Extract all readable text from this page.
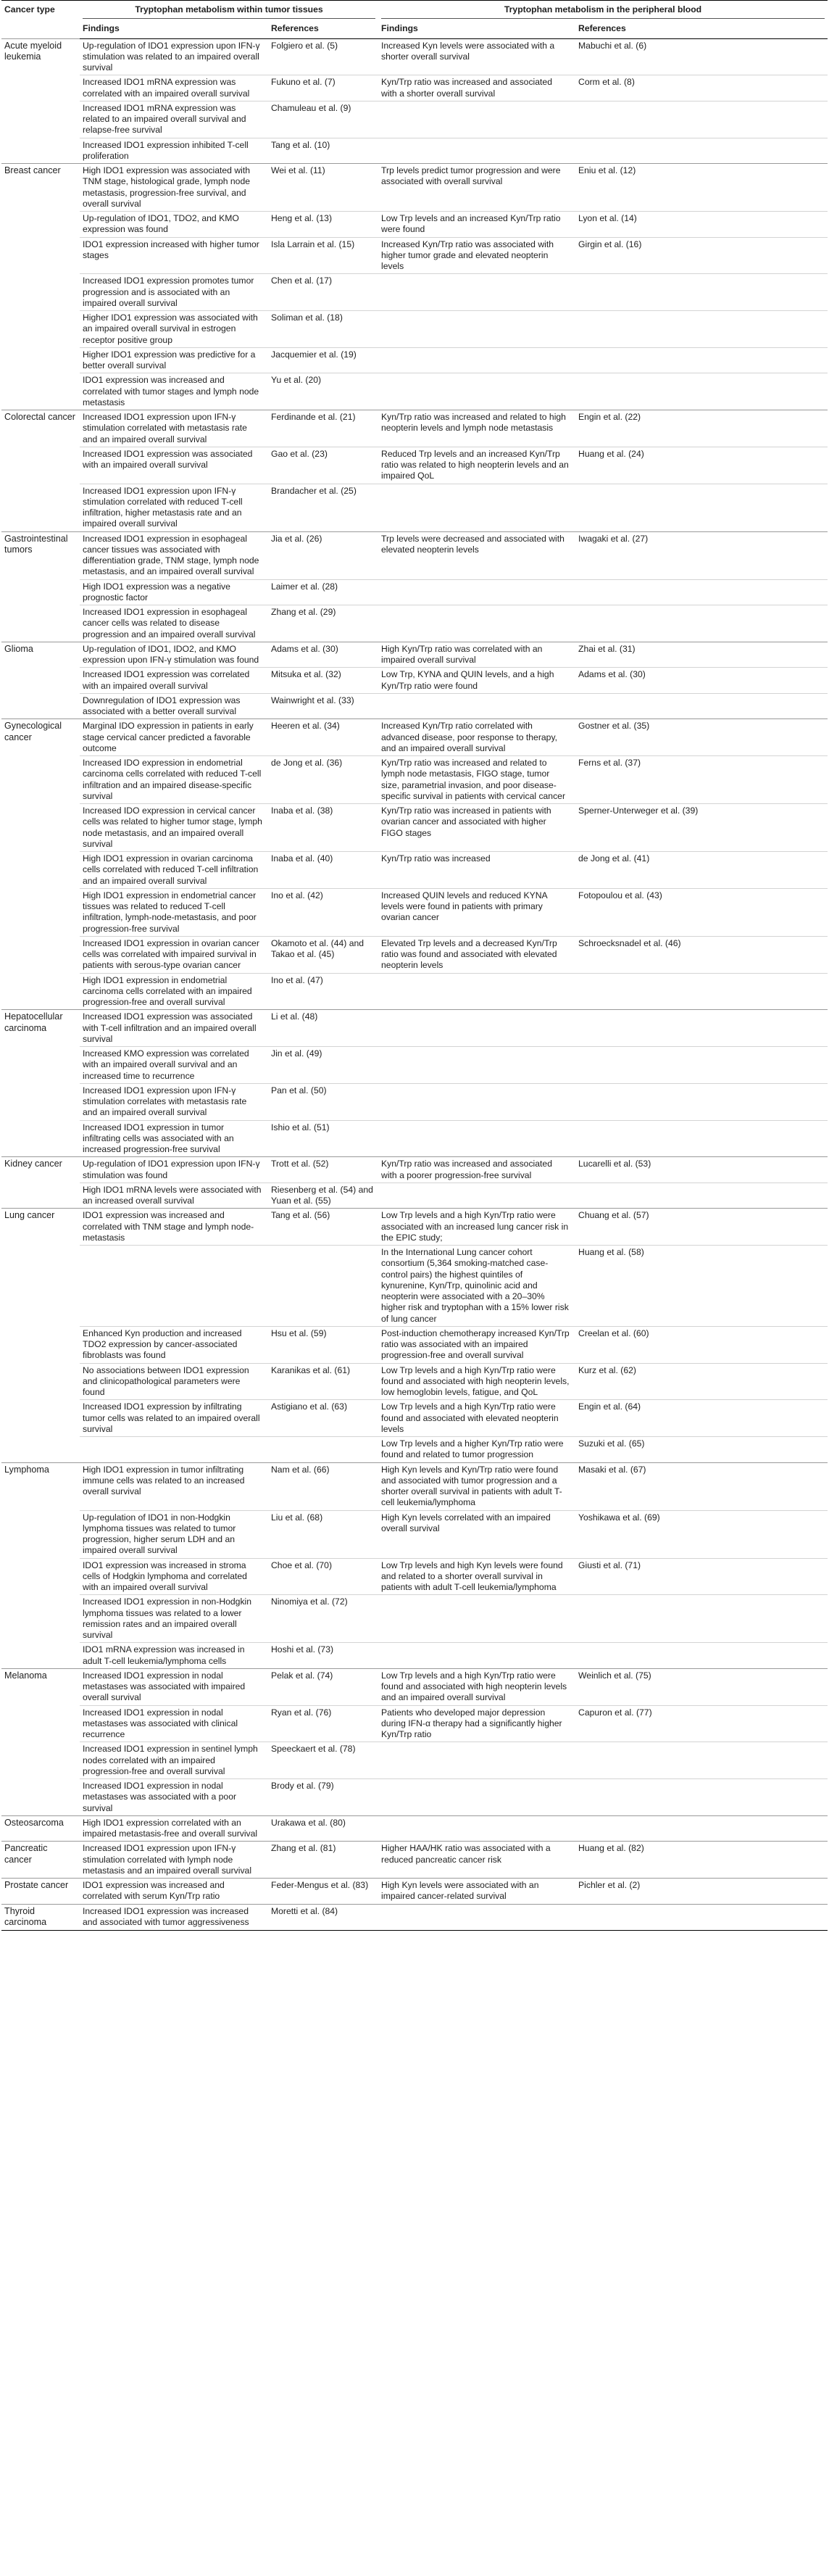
Cancer type	Tryptophan metabolism within tumor tissues		Tryptophan metabolism in the peripheral blood	

	Findings	References	Findings	References
Acute myeloid leukemia	Up-regulation of IDO1 expression upon IFN-γ stimulation was related to an impaired overall survival	Folgiero et al. (5)	Increased Kyn levels were associated with a shorter overall survival	Mabuchi et al. (6)
	Increased IDO1 mRNA expression was correlated with an impaired overall survival	Fukuno et al. (7)	Kyn/Trp ratio was increased and associated with a shorter overall survival	Corm et al. (8)
	Increased IDO1 mRNA expression was related to an impaired overall survival and relapse-free survival	Chamuleau et al. (9)		
	Increased IDO1 expression inhibited T-cell proliferation	Tang et al. (10)		
Breast cancer	High IDO1 expression was associated with TNM stage, histological grade, lymph node metastasis, progression-free survival, and overall survival	Wei et al. (11)	Trp levels predict tumor progression and were associated with overall survival	Eniu et al. (12)
	Up-regulation of IDO1, TDO2, and KMO expression was found	Heng et al. (13)	Low Trp levels and an increased Kyn/Trp ratio were found	Lyon et al. (14)
	IDO1 expression increased with higher tumor stages	Isla Larrain et al. (15)	Increased Kyn/Trp ratio was associated with higher tumor grade and elevated neopterin levels	Girgin et al. (16)
	Increased IDO1 expression promotes tumor progression and is associated with an impaired overall survival	Chen et al. (17)		
	Higher IDO1 expression was associated with an impaired overall survival in estrogen receptor positive group	Soliman et al. (18)		
	Higher IDO1 expression was predictive for a better overall survival	Jacquemier et al. (19)		
	IDO1 expression was increased and correlated with tumor stages and lymph node metastasis	Yu et al. (20)		
Colorectal cancer	Increased IDO1 expression upon IFN-γ stimulation correlated with metastasis rate and an impaired overall survival	Ferdinande et al. (21)	Kyn/Trp ratio was increased and related to high neopterin levels and lymph node metastasis	Engin et al. (22)
	Increased IDO1 expression was associated with an impaired overall survival	Gao et al. (23)	Reduced Trp levels and an increased Kyn/Trp ratio was related to high neopterin levels and an impaired QoL	Huang et al. (24)
	Increased IDO1 expression upon IFN-γ stimulation correlated with reduced T-cell infiltration, higher metastasis rate and an impaired overall survival	Brandacher et al. (25)		
Gastrointestinal tumors	Increased IDO1 expression in esophageal cancer tissues was associated with differentiation grade, TNM stage, lymph node metastasis, and an impaired overall survival	Jia et al. (26)	Trp levels were decreased and associated with elevated neopterin levels	Iwagaki et al. (27)
	High IDO1 expression was a negative prognostic factor	Laimer et al. (28)		
	Increased IDO1 expression in esophageal cancer cells was related to disease progression and an impaired overall survival	Zhang et al. (29)		
Glioma	Up-regulation of IDO1, IDO2, and KMO expression upon IFN-γ stimulation was found	Adams et al. (30)	High Kyn/Trp ratio was correlated with an impaired overall survival	Zhai et al. (31)
	Increased IDO1 expression was correlated with an impaired overall survival	Mitsuka et al. (32)	Low Trp, KYNA and QUIN levels, and a high Kyn/Trp ratio were found	Adams et al. (30)
	Downregulation of IDO1 expression was associated with a better overall survival	Wainwright et al. (33)		
Gynecological cancer	Marginal IDO expression in patients in early stage cervical cancer predicted a favorable outcome	Heeren et al. (34)	Increased Kyn/Trp ratio correlated with advanced disease, poor response to therapy, and an impaired overall survival	Gostner et al. (35)
	Increased IDO expression in endometrial carcinoma cells correlated with reduced T-cell infiltration and an impaired disease-specific survival	de Jong et al. (36)	Kyn/Trp ratio was increased and related to lymph node metastasis, FIGO stage, tumor size, parametrial invasion, and poor disease-specific survival in patients with cervical cancer	Ferns et al. (37)
	Increased IDO expression in cervical cancer cells was related to higher tumor stage, lymph node metastasis, and an impaired overall survival	Inaba et al. (38)	Kyn/Trp ratio was increased in patients with ovarian cancer and associated with higher FIGO stages	Sperner-Unterweger et al. (39)
	High IDO1 expression in ovarian carcinoma cells correlated with reduced T-cell infiltration and an impaired overall survival	Inaba et al. (40)	Kyn/Trp ratio was increased	de Jong et al. (41)
	High IDO1 expression in endometrial cancer tissues was related to reduced T-cell infiltration, lymph-node-metastasis, and poor progression-free survival	Ino et al. (42)	Increased QUIN levels and reduced KYNA levels were found in patients with primary ovarian cancer	Fotopoulou et al. (43)
	Increased IDO1 expression in ovarian cancer cells was correlated with impaired survival in patients with serous-type ovarian cancer	Okamoto et al. (44) and Takao et al. (45)	Elevated Trp levels and a decreased Kyn/Trp ratio was found and associated with elevated neopterin levels	Schroecksnadel et al. (46)
	High IDO1 expression in endometrial carcinoma cells correlated with an impaired progression-free and overall survival	Ino et al. (47)		
Hepatocellular carcinoma	Increased IDO1 expression was associated with T-cell infiltration and an impaired overall survival	Li et al. (48)		
	Increased KMO expression was correlated with an impaired overall survival and an increased time to recurrence	Jin et al. (49)		
	Increased IDO1 expression upon IFN-γ stimulation correlates with metastasis rate and an impaired overall survival	Pan et al. (50)		
	Increased IDO1 expression in tumor infiltrating cells was associated with an increased progression-free survival	Ishio et al. (51)		
Kidney cancer	Up-regulation of IDO1 expression upon IFN-γ stimulation was found	Trott et al. (52)	Kyn/Trp ratio was increased and associated with a poorer progression-free survival	Lucarelli et al. (53)
	High IDO1 mRNA levels were associated with an increased overall survival	Riesenberg et al. (54) and Yuan et al. (55)		
Lung cancer	IDO1 expression was increased and correlated with TNM stage and lymph node-metastasis	Tang et al. (56)	Low Trp levels and a high Kyn/Trp ratio were associated with an increased lung cancer risk in the EPIC study;	Chuang et al. (57)
			In the International Lung cancer cohort consortium (5,364 smoking-matched case-control pairs) the highest quintiles of kynurenine, Kyn/Trp, quinolinic acid and neopterin were associated with a 20–30% higher risk and tryptophan with a 15% lower risk of lung cancer	Huang et al. (58)
	Enhanced Kyn production and increased TDO2 expression by cancer-associated fibroblasts was found	Hsu et al. (59)	Post-induction chemotherapy increased Kyn/Trp ratio was associated with an impaired progression-free and overall survival	Creelan et al. (60)
	No associations between IDO1 expression and clinicopathological parameters were found	Karanikas et al. (61)	Low Trp levels and a high Kyn/Trp ratio were found and associated with high neopterin levels, low hemoglobin levels, fatigue, and QoL	Kurz et al. (62)
	Increased IDO1 expression by infiltrating tumor cells was related to an impaired overall survival	Astigiano et al. (63)	Low Trp levels and a high Kyn/Trp ratio were found and associated with elevated neopterin levels	Engin et al. (64)
			Low Trp levels and a higher Kyn/Trp ratio were found and related to tumor progression	Suzuki et al. (65)
Lymphoma	High IDO1 expression in tumor infiltrating immune cells was related to an increased overall survival	Nam et al. (66)	High Kyn levels and Kyn/Trp ratio were found and associated with tumor progression and a shorter overall survival in patients with adult T-cell leukemia/lymphoma	Masaki et al. (67)
	Up-regulation of IDO1 in non-Hodgkin lymphoma tissues was related to tumor progression, higher serum LDH and an impaired overall survival	Liu et al. (68)	High Kyn levels correlated with an impaired overall survival	Yoshikawa et al. (69)
	IDO1 expression was increased in stroma cells of Hodgkin lymphoma and correlated with an impaired overall survival	Choe et al. (70)	Low Trp levels and high Kyn levels were found and related to a shorter overall survival in patients with adult T-cell leukemia/lymphoma	Giusti et al. (71)
	Increased IDO1 expression in non-Hodgkin lymphoma tissues was related to a lower remission rates and an impaired overall survival	Ninomiya et al. (72)		
	IDO1 mRNA expression was increased in adult T-cell leukemia/lymphoma cells	Hoshi et al. (73)		
Melanoma	Increased IDO1 expression in nodal metastases was associated with impaired overall survival	Pelak et al. (74)	Low Trp levels and a high Kyn/Trp ratio were found and associated with high neopterin levels and an impaired overall survival	Weinlich et al. (75)
	Increased IDO1 expression in nodal metastases was associated with clinical recurrence	Ryan et al. (76)	Patients who developed major depression during IFN-α therapy had a significantly higher Kyn/Trp ratio	Capuron et al. (77)
	Increased IDO1 expression in sentinel lymph nodes correlated with an impaired progression-free and overall survival	Speeckaert et al. (78)		
	Increased IDO1 expression in nodal metastases was associated with a poor survival	Brody et al. (79)		
Osteosarcoma	High IDO1 expression correlated with an impaired metastasis-free and overall survival	Urakawa et al. (80)		
Pancreatic cancer	Increased IDO1 expression upon IFN-γ stimulation correlated with lymph node metastasis and an impaired overall survival	Zhang et al. (81)	Higher HAA/HK ratio was associated with a reduced pancreatic cancer risk	Huang et al. (82)
Prostate cancer	IDO1 expression was increased and correlated with serum Kyn/Trp ratio	Feder-Mengus et al. (83)	High Kyn levels were associated with an impaired cancer-related survival	Pichler et al. (2)
Thyroid carcinoma	Increased IDO1 expression was increased and associated with tumor aggressiveness	Moretti et al. (84)		
